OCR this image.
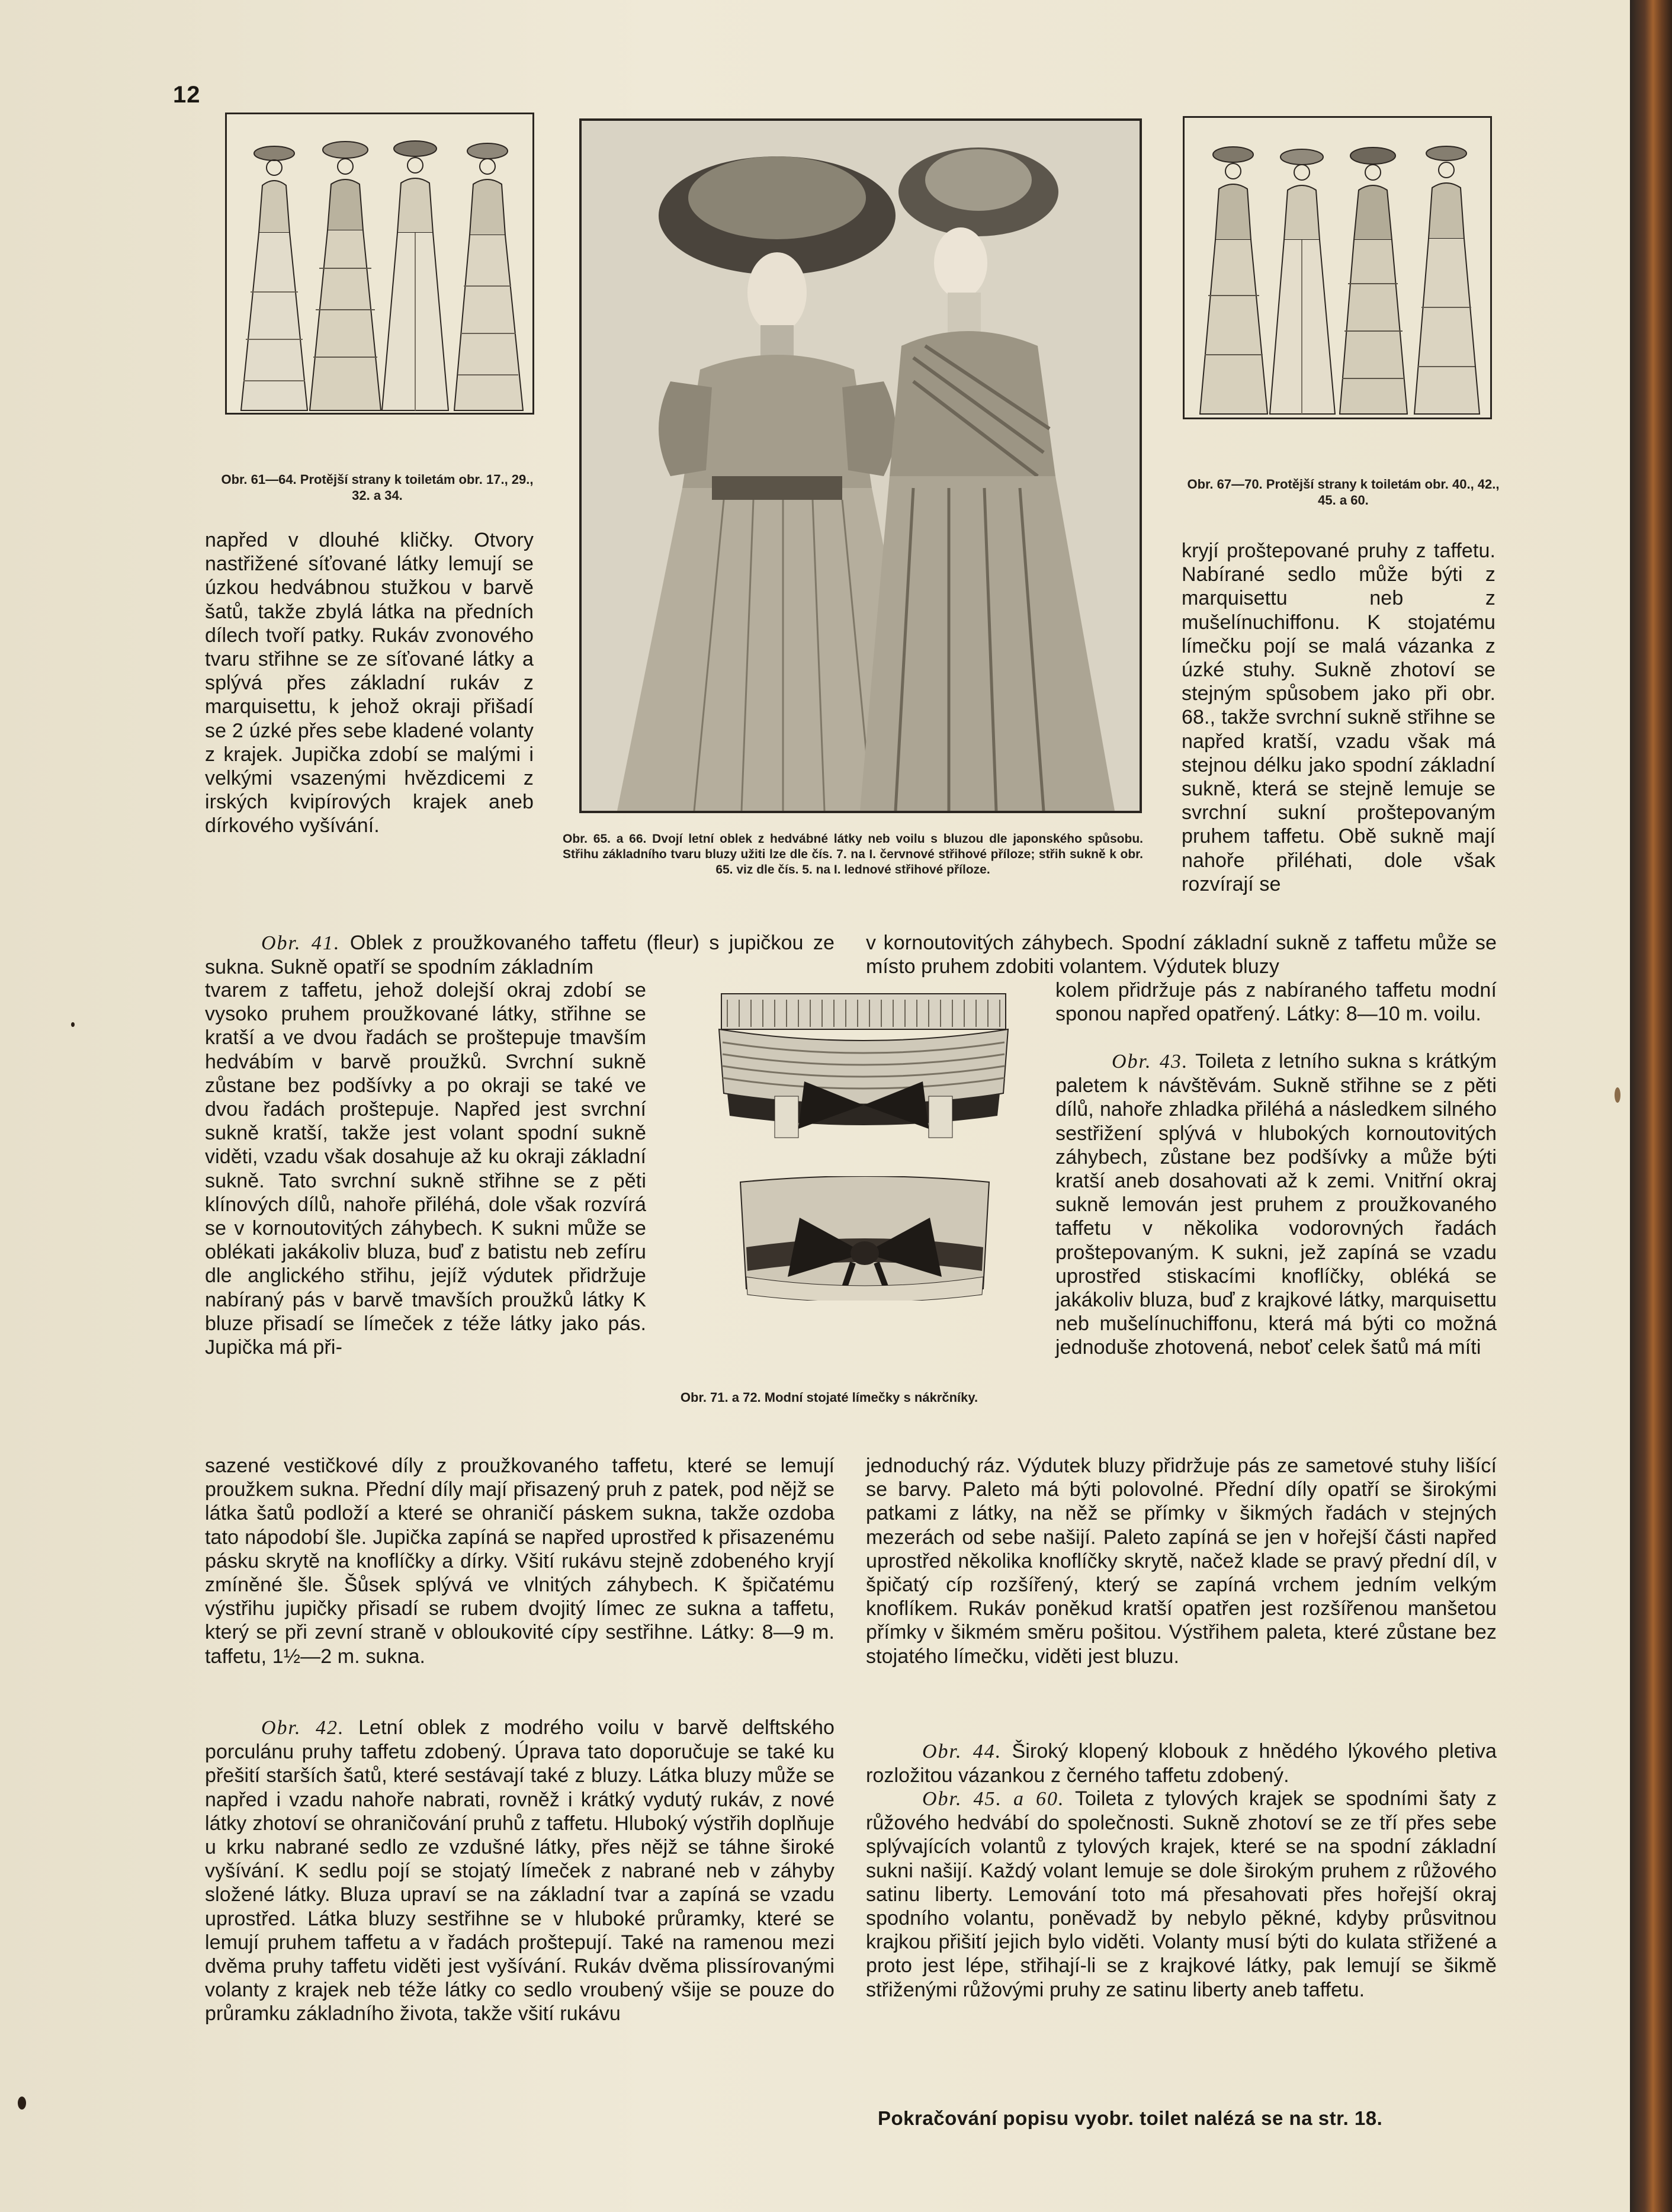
12
Obr. 61—64. Protější strany k toiletám obr. 17., 29., 32. a 34.
Obr. 65. a 66. Dvojí letní oblek z hedvábné látky neb voilu s bluzou dle japonského spůsobu. Střihu základního tvaru bluzy užiti lze dle čís. 7. na I. červnové střihové příloze; střih sukně k obr. 65. viz dle čís. 5. na I. lednové střihové příloze.
Obr. 67—70. Protější strany k toiletám obr. 40., 42., 45. a 60.
Obr. 71. a 72. Modní stojaté límečky s nákrčníky.

napřed v dlouhé kličky. Otvory nastřižené síťované látky lemují se úzkou hedvábnou stužkou v barvě šatů, takže zbylá látka na předních dílech tvoří patky. Rukáv zvonového tvaru střihne se ze síťované látky a splývá přes základní rukáv z marquisettu, k jehož okraji přišadí se 2 úzké přes sebe kladené volanty z krajek. Jupička zdobí se malými i velkými vsazenými hvězdicemi z irských kvipírových krajek aneb dírkového vyšívání.

Obr. 41. Oblek z proužkovaného taffetu (fleur) s jupičkou ze sukna. Sukně opatří se spodním základním

tvarem z taffetu, jehož dolejší okraj zdobí se vysoko pruhem proužkované látky, střihne se kratší a ve dvou řadách se proštepuje tmavším hedvábím v barvě proužků. Svrchní sukně zůstane bez podšívky a po okraji se také ve dvou řadách proštepuje. Napřed jest svrchní sukně kratší, takže jest volant spodní sukně viděti, vzadu však dosahuje až ku okraji základní sukně. Tato svrchní sukně střihne se z pěti klínových dílů, nahoře přiléhá, dole však rozvírá se v kornoutovitých záhybech. K sukni může se oblékati jakákoliv bluza, buď z batistu neb zefíru dle anglického střihu, jejíž výdutek přidržuje nabíraný pás v barvě tmavších proužků látky K bluze přisadí se límeček z téže látky jako pás. Jupička má při-

sazené vestičkové díly z proužkovaného taffetu, které se lemují proužkem sukna. Přední díly mají přisazený pruh z patek, pod nějž se látka šatů podloží a které se ohraničí páskem sukna, takže ozdoba tato nápodobí šle. Jupička zapíná se napřed uprostřed k přisazenému pásku skrytě na knoflíčky a dírky. Všití rukávu stejně zdobeného kryjí zmíněné šle. Šůsek splývá ve vlnitých záhybech. K špičatému výstřihu jupičky přisadí se rubem dvojitý límec ze sukna a taffetu, který se při zevní straně v obloukovité cípy sestřihne. Látky: 8—9 m. taffetu, 1½—2 m. sukna.

Obr. 42. Letní oblek z modrého voilu v barvě delftského porculánu pruhy taffetu zdobený. Úprava tato doporučuje se také ku přešití starších šatů, které sestávají také z bluzy. Látka bluzy může se napřed i vzadu nahoře nabrati, rovněž i krátký vydutý rukáv, z nové látky zhotoví se ohraničování pruhů z taffetu. Hluboký výstřih doplňuje u krku nabrané sedlo ze vzdušné látky, přes nějž se táhne široké vyšívání. K sedlu pojí se stojatý límeček z nabrané neb v záhyby složené látky. Bluza upraví se na základní tvar a zapíná se vzadu uprostřed. Látka bluzy sestřihne se v hluboké průramky, které se lemují pruhem taffetu a v řadách proštepují. Také na ramenou mezi dvěma pruhy taffetu viděti jest vyšívání. Rukáv dvěma plissírovanými volanty z krajek neb téže látky co sedlo vroubený všije se pouze do průramku základního života, takže všití rukávu

kryjí proštepované pruhy z taffetu. Nabírané sedlo může býti z marquisettu neb z mušelínuchiffonu. K stojatému límečku pojí se malá vázanka z úzké stuhy. Sukně zhotoví se stejným spůsobem jako při obr. 68., takže svrchní sukně střihne se napřed kratší, vzadu však má stejnou délku jako spodní základní sukně, která se stejně lemuje se svrchní sukní proštepovaným pruhem taffetu. Obě sukně mají nahoře přiléhati, dole však rozvírají se

v kornoutovitých záhybech. Spodní základní sukně z taffetu může se místo pruhem zdobiti volantem. Výdutek bluzy

kolem přidržuje pás z nabíraného taffetu modní sponou napřed opatřený. Látky: 8—10 m. voilu.

Obr. 43. Toileta z letního sukna s krátkým paletem k návštěvám. Sukně střihne se z pěti dílů, nahoře zhladka přiléhá a následkem silného sestřižení splývá v hlubokých kornoutovitých záhybech, zůstane bez podšívky a může býti kratší aneb dosahovati až k zemi. Vnitřní okraj sukně lemován jest pruhem z proužkovaného taffetu v několika vodorovných řadách proštepovaným. K sukni, jež zapíná se vzadu uprostřed stiskacími knoflíčky, obléká se jakákoliv bluza, buď z krajkové látky, marquisettu neb mušelínuchiffonu, která má býti co možná jednoduše zhotovená, neboť celek šatů má míti

jednoduchý ráz. Výdutek bluzy přidržuje pás ze sametové stuhy lišící se barvy. Paleto má býti polovolné. Přední díly opatří se širokými patkami z látky, na něž se přímky v šikmých řadách v stejných mezerách od sebe našijí. Paleto zapíná se jen v hořejší části napřed uprostřed několika knoflíčky skrytě, načež klade se pravý přední díl, v špičatý cíp rozšířený, který se zapíná vrchem jedním velkým knoflíkem. Rukáv poněkud kratší opatřen jest rozšířenou manšetou přímky v šikmém směru pošitou. Výstřihem paleta, které zůstane bez stojatého límečku, viděti jest bluzu.

Obr. 44. Široký klopený klobouk z hnědého lýkového pletiva rozložitou vázankou z černého taffetu zdobený.

Obr. 45. a 60. Toileta z tylových krajek se spodními šaty z růžového hedvábí do společnosti. Sukně zhotoví se ze tří přes sebe splývajících volantů z tylových krajek, které se na spodní základní sukni našijí. Každý volant lemuje se dole širokým pruhem z růžového satinu liberty. Lemování toto má přesahovati přes hořejší okraj spodního volantu, poněvadž by nebylo pěkné, kdyby průsvitnou krajkou přišití jejich bylo viděti. Volanty musí býti do kulata střižené a proto jest lépe, střihají-li se z krajkové látky, pak lemují se šikmě střiženými růžovými pruhy ze satinu liberty aneb taffetu.

Pokračování popisu vyobr. toilet nalézá se na str. 18.
